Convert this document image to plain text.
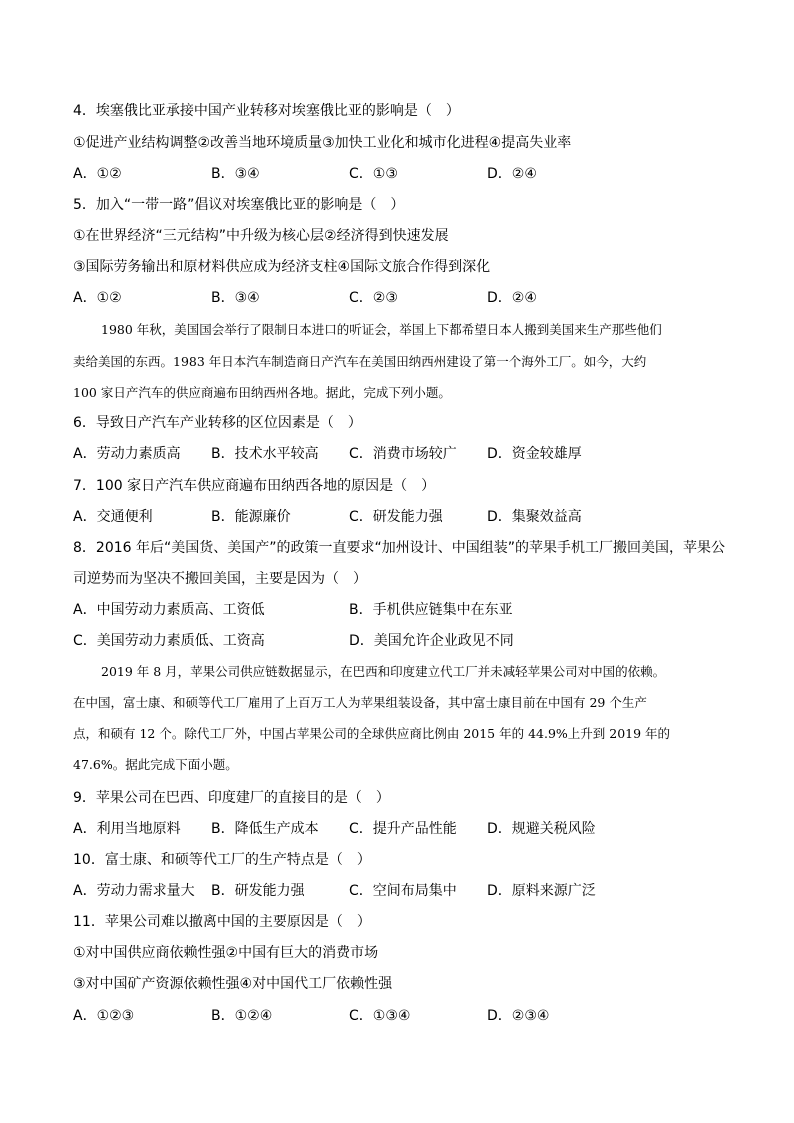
4．埃塞俄比亚承接中国产业转移对埃塞俄比亚的影响是（　）
①促进产业结构调整②改善当地环境质量③加快工业化和城市化进程④提高失业率
A．①②	B．③④	C．①③	D．②④
5．加入“一带一路”倡议对埃塞俄比亚的影响是（　）
①在世界经济“三元结构”中升级为核心层②经济得到快速发展
③国际劳务输出和原材料供应成为经济支柱④国际文旅合作得到深化
A．①②	B．③④	C．②③	D．②④
1980 年秋，美国国会举行了限制日本进口的听证会，举国上下都希望日本人搬到美国来生产那些他们
卖给美国的东西。1983 年日本汽车制造商日产汽车在美国田纳西州建设了第一个海外工厂。如今，大约
100 家日产汽车的供应商遍布田纳西州各地。据此，完成下列小题。
6．导致日产汽车产业转移的区位因素是（　）
A．劳动力素质高	B．技术水平较高	C．消费市场较广	D．资金较雄厚
7．100 家日产汽车供应商遍布田纳西各地的原因是（　）
A．交通便利	B．能源廉价	C．研发能力强	D．集聚效益高
8．2016 年后“美国货、美国产”的政策一直要求“加州设计、中国组装”的苹果手机工厂搬回美国，苹果公
司逆势而为坚决不搬回美国，主要是因为（　）
A．中国劳动力素质高、工资低	B．手机供应链集中在东亚
C．美国劳动力素质低、工资高	D．美国允许企业政见不同
2019 年 8 月，苹果公司供应链数据显示，在巴西和印度建立代工厂并未减轻苹果公司对中国的依赖。
在中国，富士康、和硕等代工厂雇用了上百万工人为苹果组装设备，其中富士康目前在中国有 29 个生产
点，和硕有 12 个。除代工厂外，中国占苹果公司的全球供应商比例由 2015 年的 44.9%上升到 2019 年的
47.6%。据此完成下面小题。
9．苹果公司在巴西、印度建厂的直接目的是（　）
A．利用当地原料	B．降低生产成本	C．提升产品性能	D．规避关税风险
10．富士康、和硕等代工厂的生产特点是（　）
A．劳动力需求量大	B．研发能力强	C．空间布局集中	D．原料来源广泛
11．苹果公司难以撤离中国的主要原因是（　）
①对中国供应商依赖性强②中国有巨大的消费市场
③对中国矿产资源依赖性强④对中国代工厂依赖性强
A．①②③	B．①②④	C．①③④	D．②③④
